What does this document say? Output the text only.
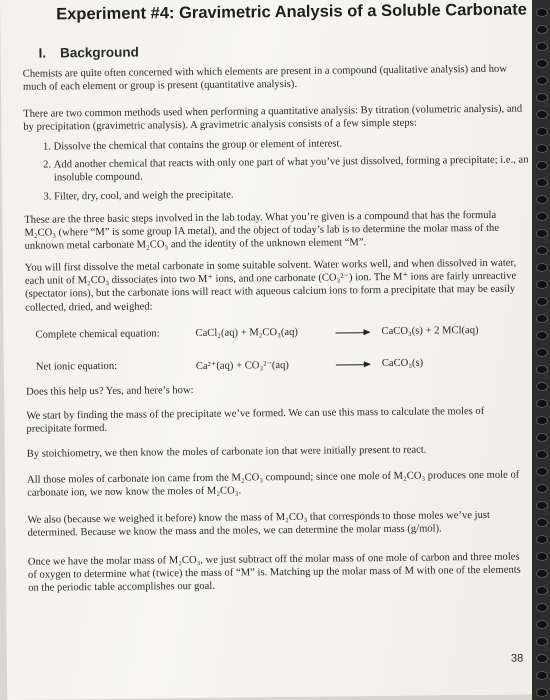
Experiment #4: Gravimetric Analysis of a Soluble Carbonate
I. Background

Chemists are quite often concerned with which elements are present in a compound (qualitative analysis) and how much of each element or group is present (quantitative analysis).

There are two common methods used when performing a quantitative analysis: By titration (volumetric analysis), and by precipitation (gravimetric analysis). A gravimetric analysis consists of a few simple steps:

1. Dissolve the chemical that contains the group or element of interest.
2. Add another chemical that reacts with only one part of what you’ve just dissolved, forming a precipitate; i.e., an insoluble compound.
3. Filter, dry, cool, and weigh the precipitate.

These are the three basic steps involved in the lab today. What you’re given is a compound that has the formula M₂CO₃ (where “M” is some group IA metal), and the object of today’s lab is to determine the molar mass of the unknown metal carbonate M₂CO₃ and the identity of the unknown element “M”.

You will first dissolve the metal carbonate in some suitable solvent. Water works well, and when dissolved in water, each unit of M₂CO₃ dissociates into two M⁺ ions, and one carbonate (CO₃²⁻) ion. The M⁺ ions are fairly unreactive (spectator ions), but the carbonate ions will react with aqueous calcium ions to form a precipitate that may be easily collected, dried, and weighed:

Complete chemical equation:	CaCl₂(aq) + M₂CO₃(aq)	CaCO₃(s) + 2 MCl(aq)
Net ionic equation:	Ca²⁺(aq) + CO₃²⁻(aq)	CaCO₃(s)

Does this help us? Yes, and here’s how:

We start by finding the mass of the precipitate we’ve formed. We can use this mass to calculate the moles of precipitate formed.

By stoichiometry, we then know the moles of carbonate ion that were initially present to react.

All those moles of carbonate ion came from the M₂CO₃ compound; since one mole of M₂CO₃ produces one mole of carbonate ion, we now know the moles of M₂CO₃.

We also (because we weighed it before) know the mass of M₂CO₃ that corresponds to those moles we’ve just determined. Because we know the mass and the moles, we can determine the molar mass (g/mol).

Once we have the molar mass of M₂CO₃, we just subtract off the molar mass of one mole of carbon and three moles of oxygen to determine what (twice) the mass of “M” is. Matching up the molar mass of M with one of the elements on the periodic table accomplishes our goal.

38
